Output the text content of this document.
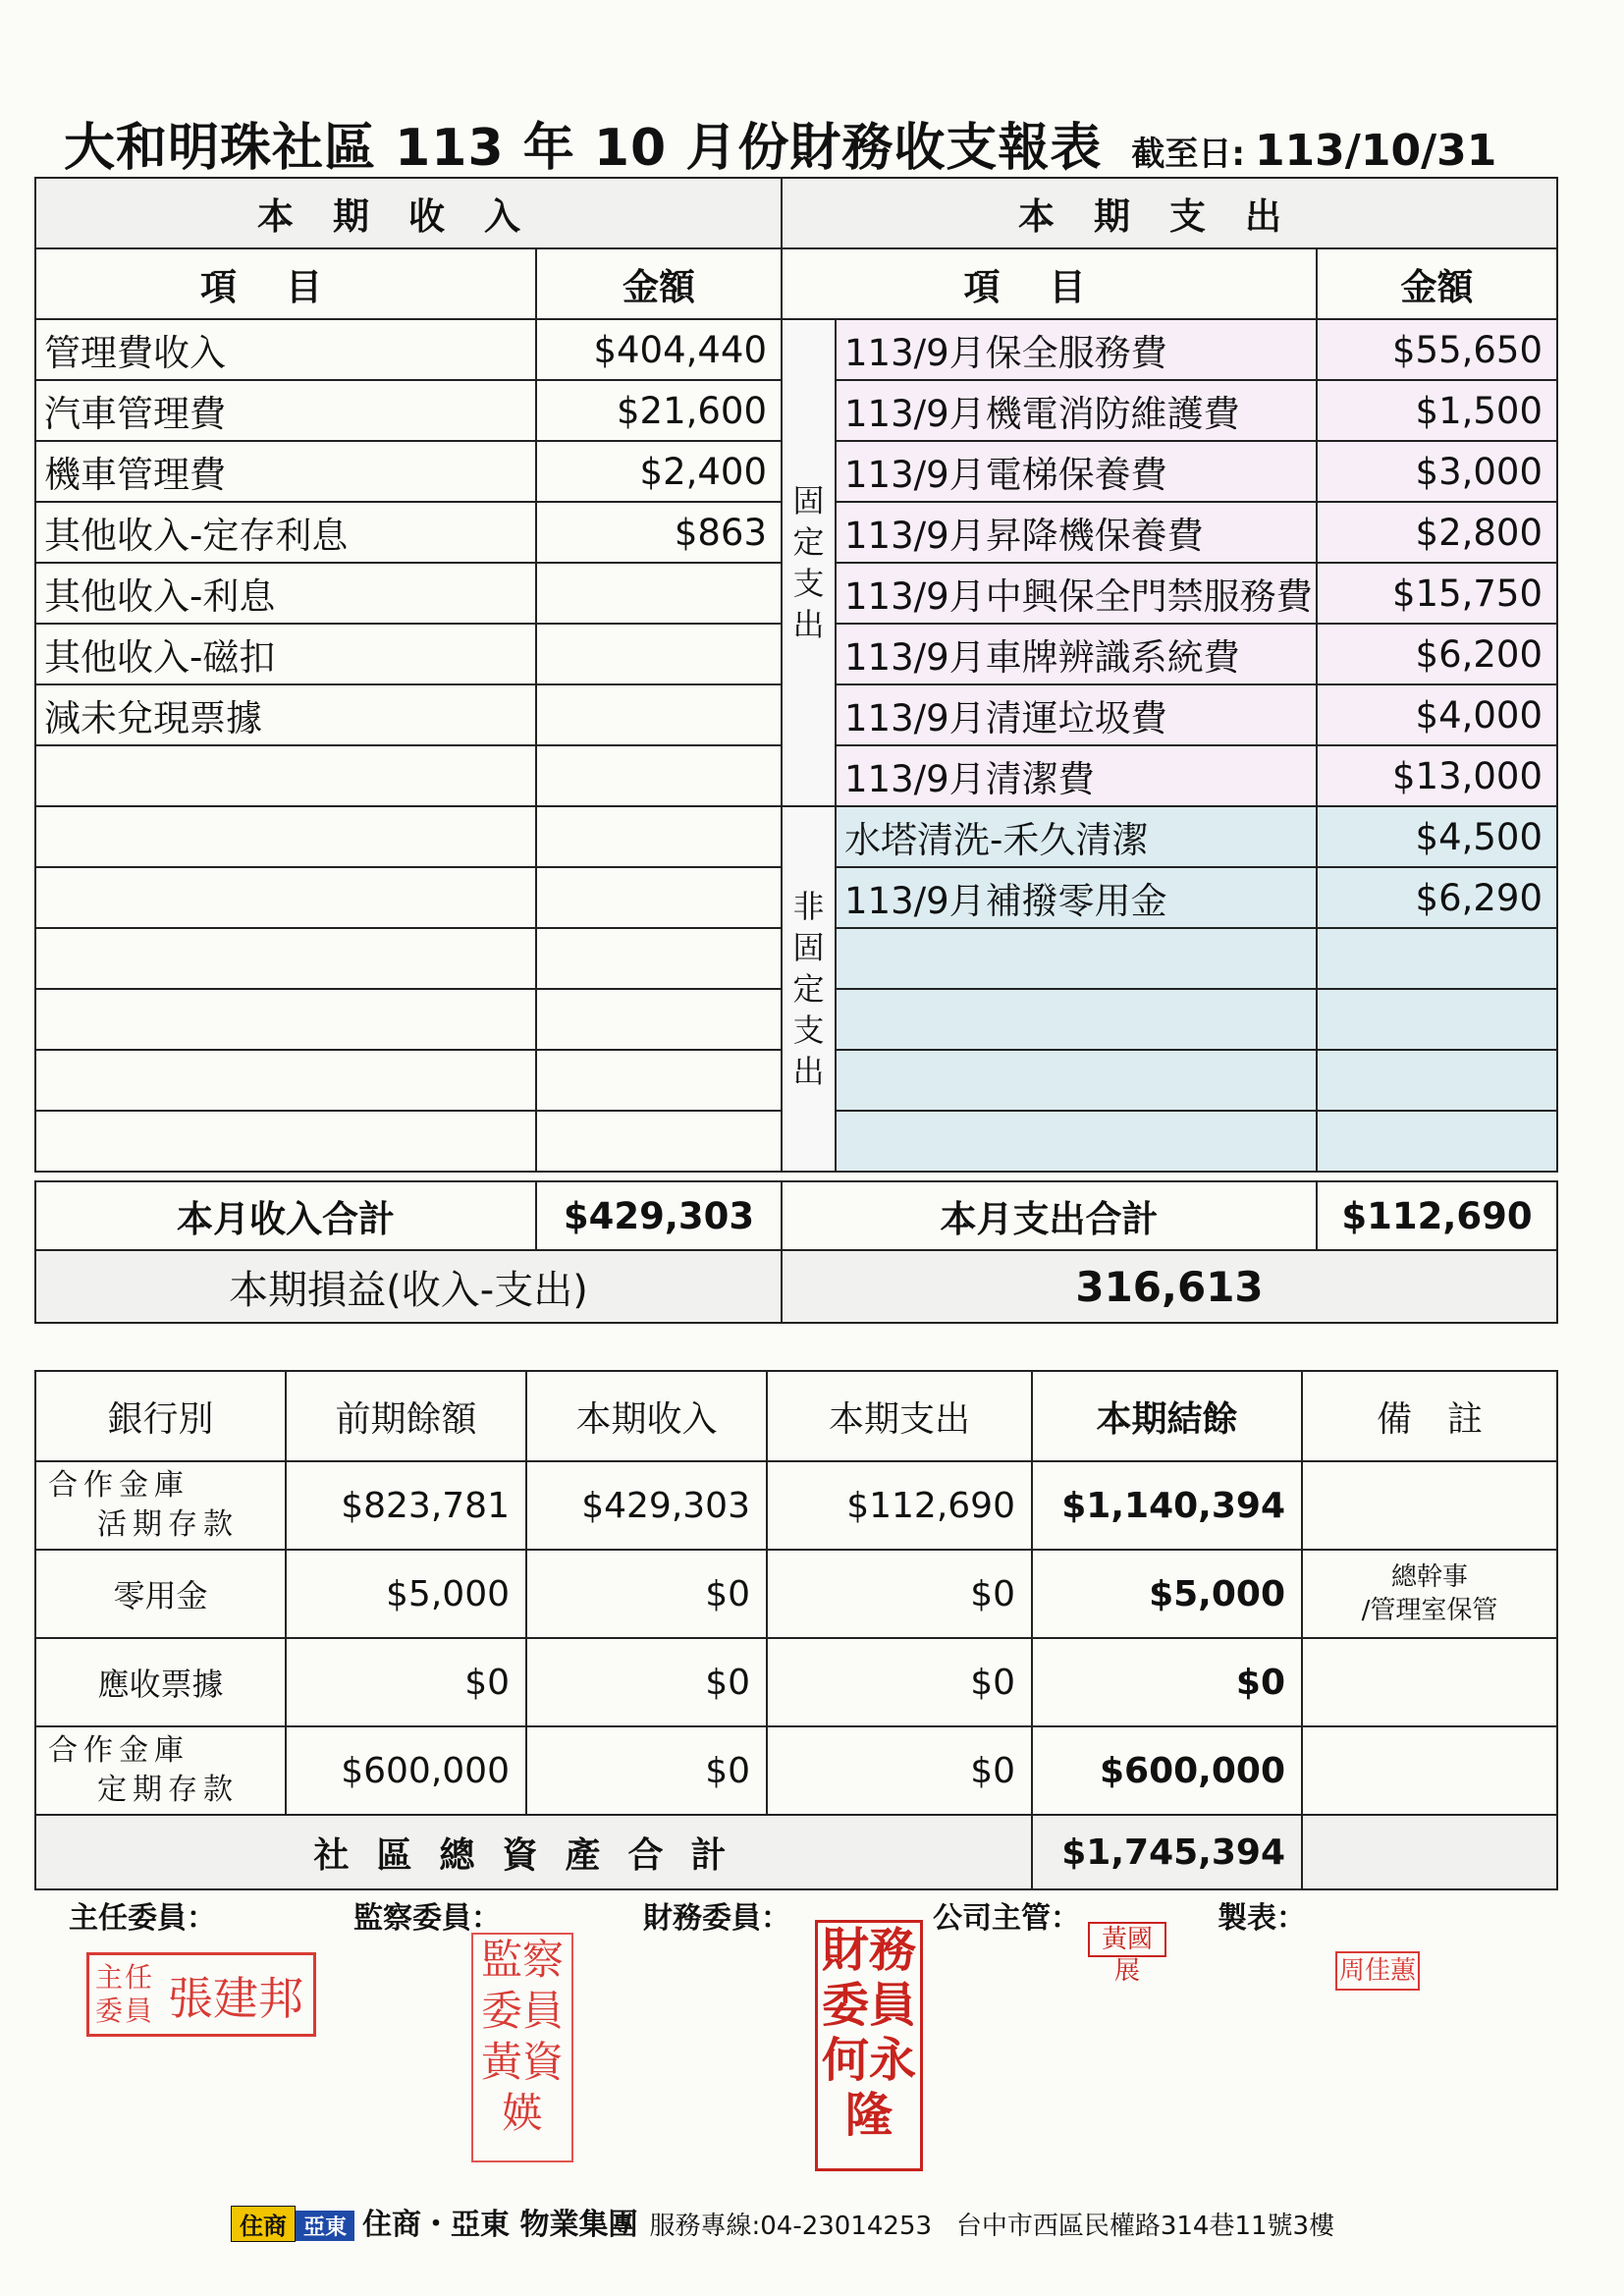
大和明珠社區 113 年 10 月份財務收支報表 截至日: 113/10/31
本期收入		本期支出		
項目	金額	項目		金額
管理費收入	$404,440	固定支出	113/9月保全服務費	$55,650
汽車管理費	$21,600		113/9月機電消防維護費	$1,500
機車管理費	$2,400		113/9月電梯保養費	$3,000
其他收入-定存利息	$863		113/9月昇降機保養費	$2,800
其他收入-利息			113/9月中興保全門禁服務費	$15,750
其他收入-磁扣			113/9月車牌辨識系統費	$6,200
減未兌現票據			113/9月清運垃圾費	$4,000
			113/9月清潔費	$13,000
		非固定支出	水塔清洗-禾久清潔	$4,500
			113/9月補撥零用金	$6,290

本月收入合計	$429,303	本月支出合計		$112,690
本期損益(收入-支出)		316,613		
銀行別	前期餘額	本期收入	本期支出	本期結餘	備　註

合作金庫
活期存款	$823,781	$429,303	$112,690	$1,140,394	
零用金	$5,000	$0	$0	$5,000	總幹事
/管理室保管

應收票據	$0	$0	$0	$0	

合作金庫
定期存款	$600,000	$0	$0	$600,000	
社區總資產合計				$1,745,394	
主任委員：	監察委員：	財務委員：	公司主管：	製表：
主任委員 張建邦
監察委員黃資媖
財務委員何永隆
黃國展	周佳蕙
住商 亞東 住商・亞東 物業集團 服務專線:04-23014253 台中市西區民權路314巷11號3樓
